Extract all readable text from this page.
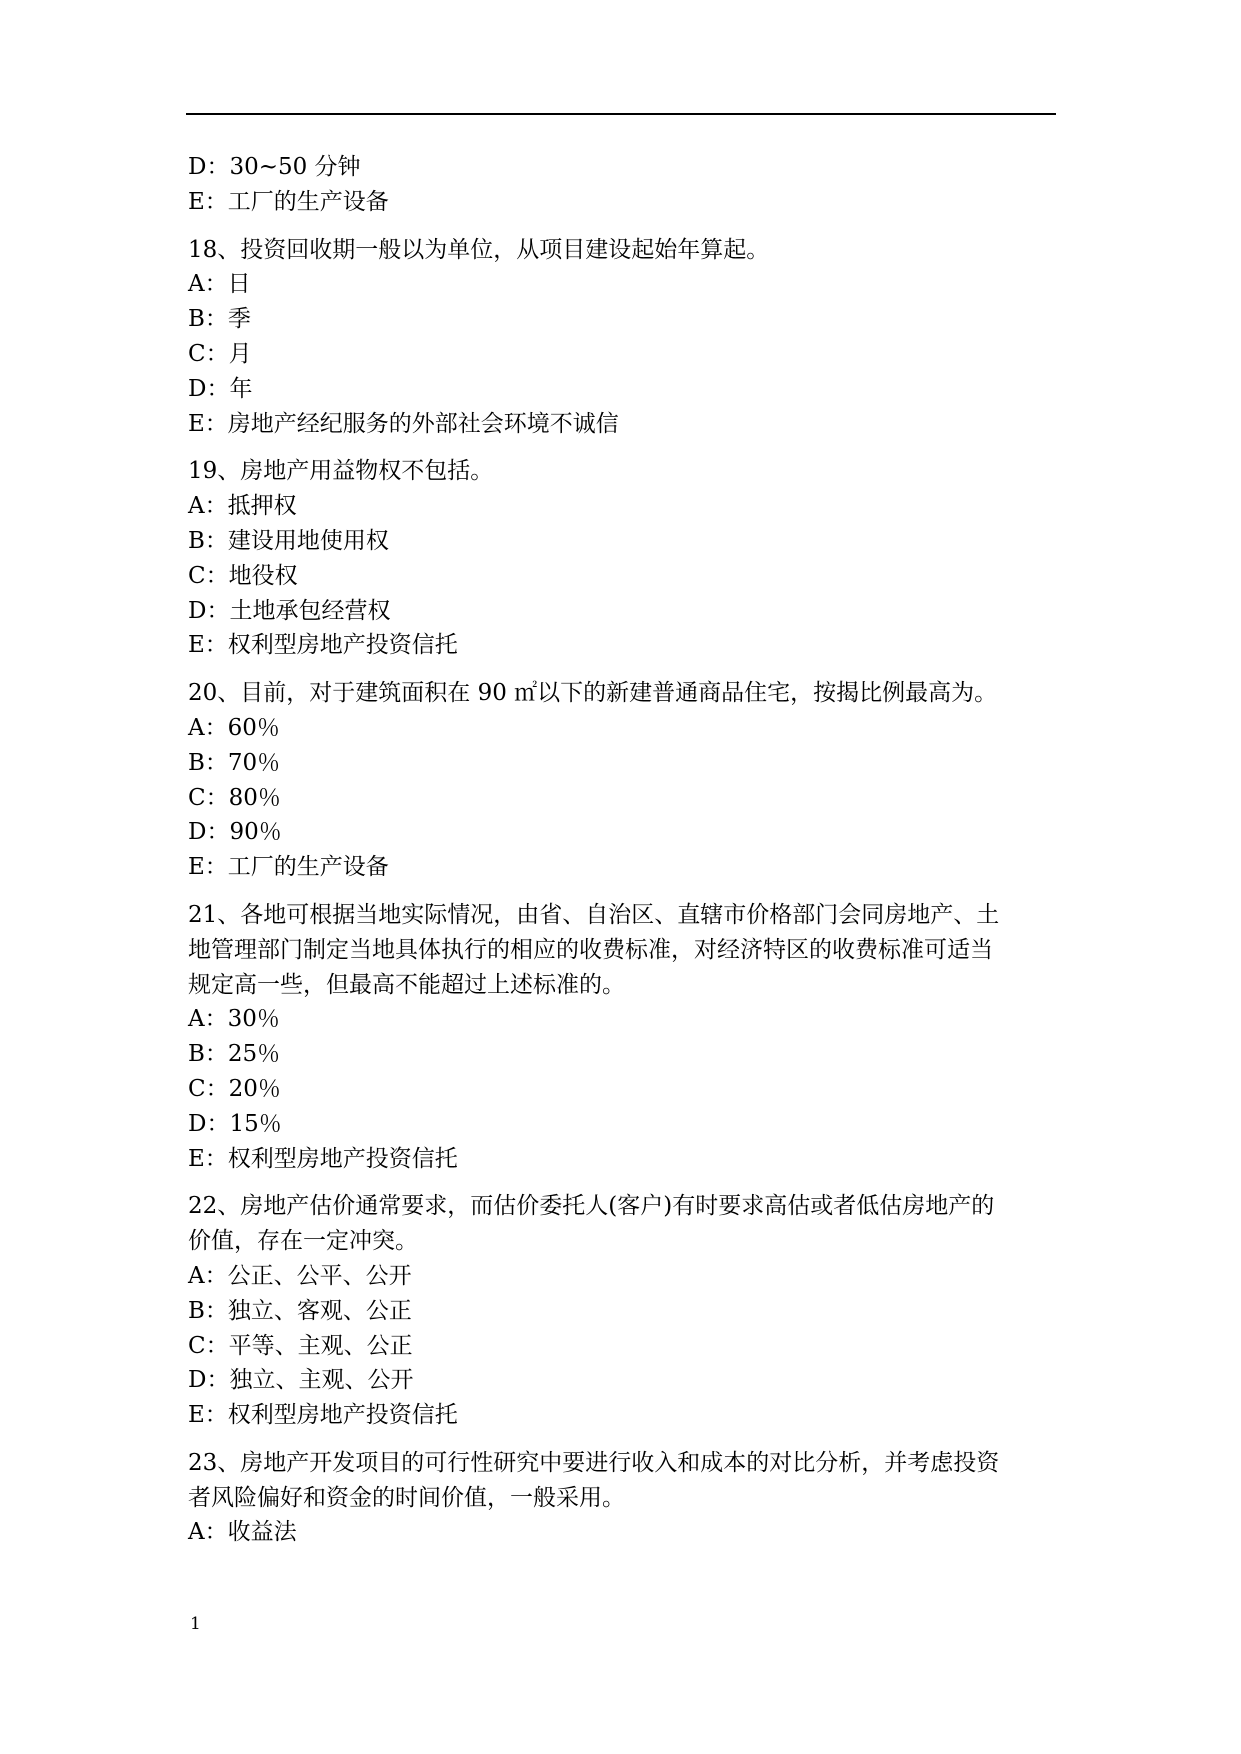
D：30~50 分钟
E：工厂的生产设备
18、投资回收期一般以为单位，从项目建设起始年算起。
A：日
B：季
C：月
D：年
E：房地产经纪服务的外部社会环境不诚信
19、房地产用益物权不包括。
A：抵押权
B：建设用地使用权
C：地役权
D：土地承包经营权
E：权利型房地产投资信托
20、目前，对于建筑面积在 90 ㎡以下的新建普通商品住宅，按揭比例最高为。
A：60％
B：70％
C：80％
D：90％
E：工厂的生产设备
21、各地可根据当地实际情况，由省、自治区、直辖市价格部门会同房地产、土
地管理部门制定当地具体执行的相应的收费标准，对经济特区的收费标准可适当
规定高一些，但最高不能超过上述标准的。
A：30％
B：25％
C：20％
D：15％
E：权利型房地产投资信托
22、房地产估价通常要求，而估价委托人(客户)有时要求高估或者低估房地产的
价值，存在一定冲突。
A：公正、公平、公开
B：独立、客观、公正
C：平等、主观、公正
D：独立、主观、公开
E：权利型房地产投资信托
23、房地产开发项目的可行性研究中要进行收入和成本的对比分析，并考虑投资
者风险偏好和资金的时间价值，一般采用。
A：收益法
1
